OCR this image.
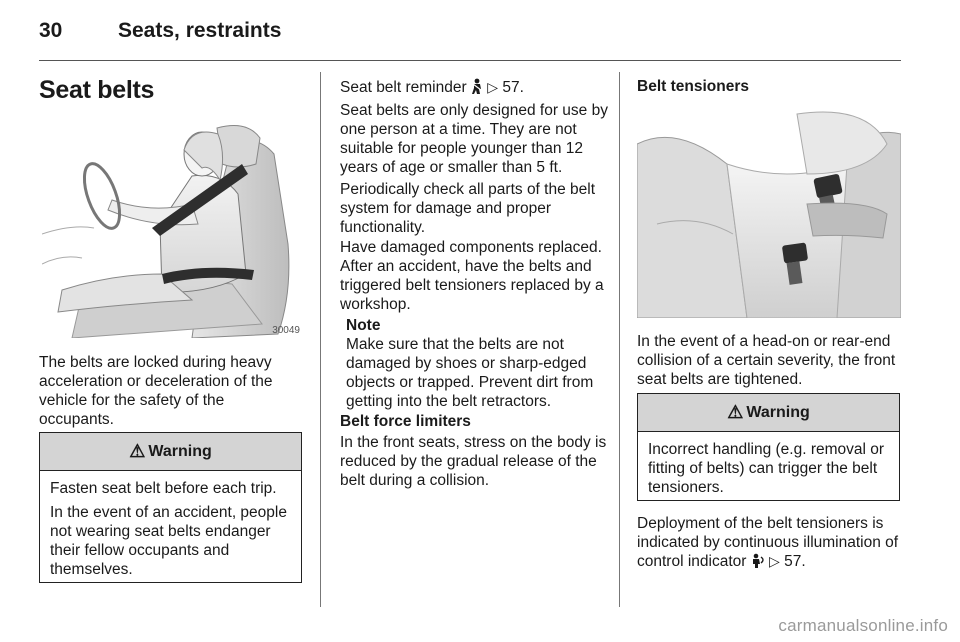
30	Seats, restraints
Seat belts
30049
The belts are locked during heavy acceleration or deceleration of the vehicle for the safety of the occupants.
⚠ Warning

Fasten seat belt before each trip.

In the event of an accident, people not wearing seat belts endanger their fellow occupants and themselves.

Seat belt reminder  ▷ 57.
Seat belts are only designed for use by one person at a time. They are not suitable for people younger than 12 years of age or smaller than 5 ft.
Periodically check all parts of the belt system for damage and proper functionality.
Have damaged components replaced. After an accident, have the belts and triggered belt tensioners replaced by a workshop.
Note
Make sure that the belts are not damaged by shoes or sharp-edged objects or trapped. Prevent dirt from getting into the belt retractors.
Belt force limiters
In the front seats, stress on the body is reduced by the gradual release of the belt during a collision.
Belt tensioners
In the event of a head-on or rear-end collision of a certain severity, the front seat belts are tightened.
⚠ Warning

Incorrect handling (e.g. removal or fitting of belts) can trigger the belt tensioners.

Deployment of the belt tensioners is indicated by continuous illumination of control indicator  ▷ 57.
carmanualsonline.info
